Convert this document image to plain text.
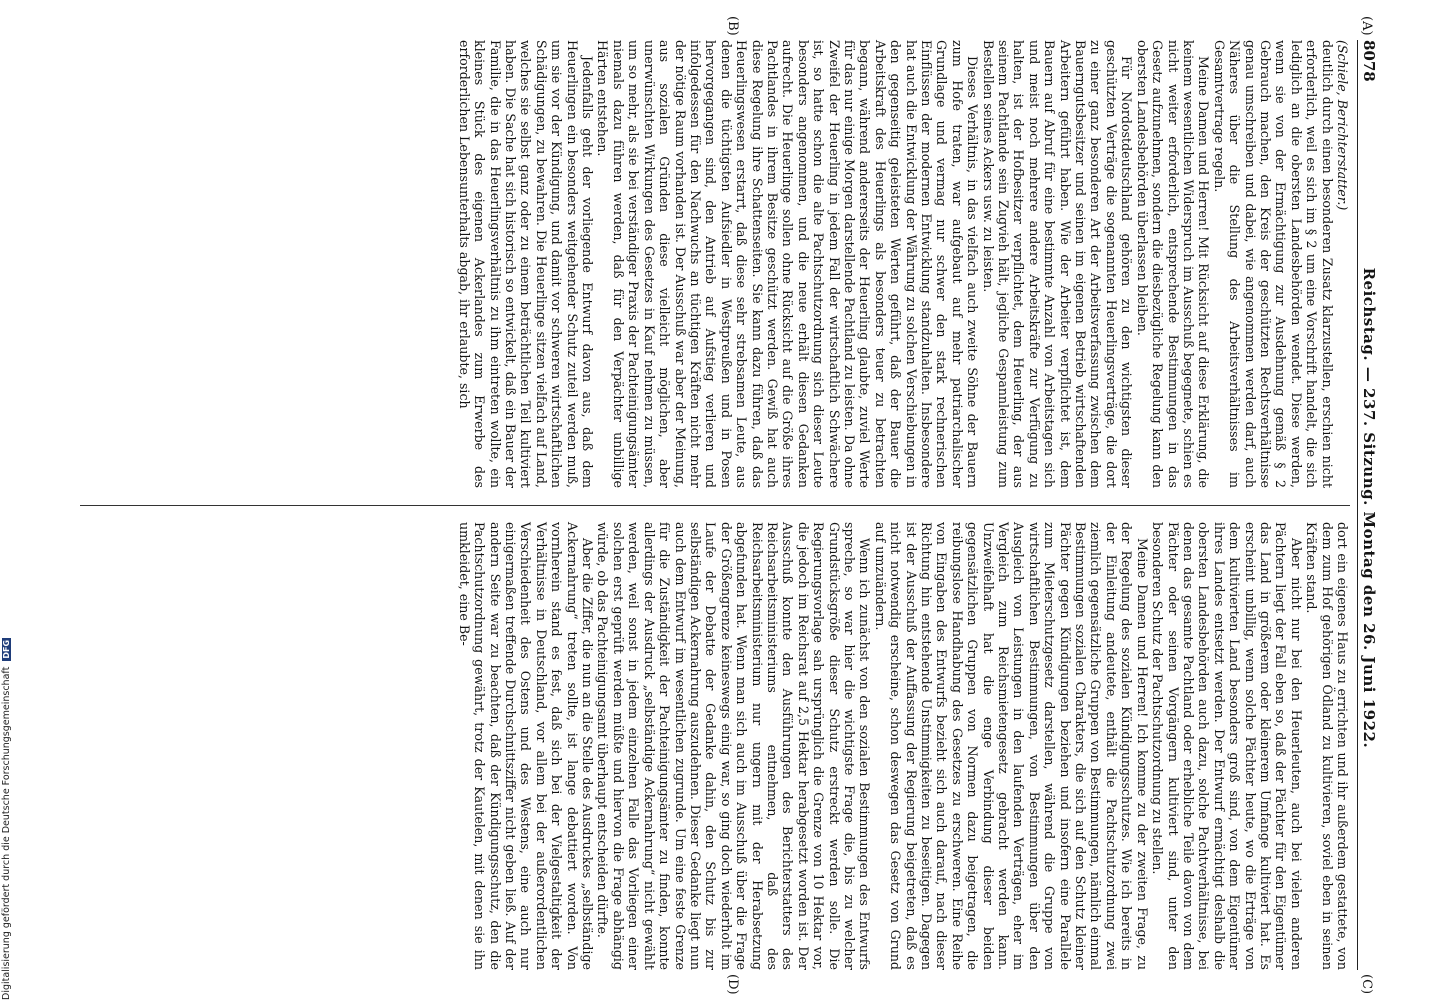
8078
Reichstag. — 237. Sitzung. Montag den 26. Juni 1922.
(A)
(B)
(C)
(D)

(Schiele, Berichterstatter.)

deutlich durch einen besonderen Zusatz klarzustellen, erschien nicht erforderlich, weil es sich im § 2 um eine Vorschrift handelt, die sich lediglich an die obersten Landesbehörden wendet. Diese werden, wenn sie von der Ermächtigung zur Ausdehnung gemäß § 2 Gebrauch machen, den Kreis der geschützten Rechtsverhältnisse genau umschreiben und dabei, wie angenommen werden darf, auch Näheres über die Stellung des Arbeitsverhältnisses im Gesamtvertrage regeln.

Meine Damen und Herren! Mit Rücksicht auf diese Erklärung, die keinem wesentlichen Widerspruch im Ausschuß begegnete, schien es nicht weiter erforderlich, entsprechende Bestimmungen in das Gesetz aufzunehmen, sondern die diesbezügliche Regelung kann den obersten Landesbehörden überlassen bleiben.

Für Nordostdeutschland gehören zu den wichtigsten dieser geschützten Verträge die sogenannten Heuerlingsverträge, die dort zu einer ganz besonderen Art der Arbeitsverfassung zwischen dem Bauerngutsbesitzer und seinen im eigenen Betrieb wirtschaftenden Arbeitern geführt haben. Wie der Arbeiter verpflichtet ist, dem Bauern auf Abruf für eine bestimmte Anzahl von Arbeitstagen sich und meist noch mehrere andere Arbeitskräfte zur Verfügung zu halten, ist der Hofbesitzer verpflichtet, dem Heuerling, der aus seinem Pachtlande sein Zugvieh hält, jegliche Gespannleistung zum Bestellen seines Ackers usw. zu leisten.

Dieses Verhältnis, in das vielfach auch zweite Söhne der Bauern zum Hofe traten, war aufgebaut auf mehr patriarchalischer Grundlage und vermag nur schwer den stark rechnerischen Einflüssen der modernen Entwicklung standzuhalten. Insbesondere hat auch die Entwicklung der Währung zu solchen Verschiebungen in den gegenseitig geleisteten Werten geführt, daß der Bauer die Arbeitskraft des Heuerlings als besonders teuer zu betrachten begann, während andererseits der Heuerling glaubte, zuviel Werte für das nur einige Morgen darstellende Pachtland zu leisten. Da ohne Zweifel der Heuerling in jedem Fall der wirtschaftlich Schwächere ist, so hatte schon die alte Pachtschutzordnung sich dieser Leute besonders angenommen, und die neue erhält diesen Gedanken aufrecht. Die Heuerlinge sollen ohne Rücksicht auf die Größe ihres Pachtlandes in ihrem Besitze geschützt werden. Gewiß hat auch diese Regelung ihre Schattenseiten. Sie kann dazu führen, daß das Heuerlingswesen erstarrt, daß diese sehr strebsamen Leute, aus denen die tüchtigsten Aufsiedler in Westpreußen und in Posen hervorgegangen sind, den Antrieb auf Aufstieg verlieren und infolgedessen für den Nachwuchs an tüchtigen Kräften nicht mehr der nötige Raum vorhanden ist. Der Ausschuß war aber der Meinung, aus sozialen Gründen diese vielleicht möglichen, aber unerwünschten Wirkungen des Gesetzes in Kauf nehmen zu müssen, um so mehr, als sie bei verständiger Praxis der Pachteinigungsämter niemals dazu führen werden, daß für den Verpächter unbillige Härten entstehen.

Jedenfalls geht der vorliegende Entwurf davon aus, daß dem Heuerlingen ein besonders weitgehender Schutz zuteil werden muß, um sie vor der Kündigung, und damit vor schweren wirtschaftlichen Schädigungen, zu bewahren. Die Heuerlinge sitzen vielfach auf Land, welches sie selbst ganz oder zu einem beträchtlichen Teil kultiviert haben. Die Sache hat sich historisch so entwickelt, daß ein Bauer der Familie, die in das Heuerlingsverhältnis zu ihm eintreten wollte, ein kleines Stück des eigenen Ackerlandes zum Erwerbe des erforderlichen Lebensunterhalts abgab, ihr erlaubte, sich

dort ein eigenes Haus zu errichten und ihr außerdem gestattete, von dem zum Hof gehörigen Ödland zu kultivieren, soviel eben in seinen Kräften stand.

Aber nicht nur bei den Heuerleuten, auch bei vielen anderen Pächtern liegt der Fall eben so, daß der Pächter für den Eigentümer das Land in größerem oder kleinerem Umfange kultiviert hat. Es erscheint unbillig, wenn solche Pächter heute, wo die Erträge von dem kultivierten Land besonders groß sind, von dem Eigentümer ihres Landes entsetzt werden. Der Entwurf ermächtigt deshalb die obersten Landesbehörden auch dazu, solche Pachtverhältnisse, bei denen das gesamte Pachtland oder erhebliche Teile davon von dem Pächter oder seinen Vorgängern kultiviert sind, unter den besonderen Schutz der Pachtschutzordnung zu stellen.

Meine Damen und Herren! Ich komme zu der zweiten Frage, zu der Regelung des sozialen Kündigungsschutzes. Wie ich bereits in der Einleitung andeutete, enthält die Pachtschutzordnung zwei ziemlich gegensätzliche Gruppen von Bestimmungen, nämlich einmal Bestimmungen sozialen Charakters, die sich auf den Schutz kleiner Pächter gegen Kündigungen beziehen und insofern eine Parallele zum Mieterschutzgesetz darstellen, während die Gruppe von wirtschaftlichen Bestimmungen, von Bestimmungen über den Ausgleich von Leistungen in den laufenden Verträgen, eher im Vergleich zum Reichsmietengesetz gebracht werden kann. Unzweifelhaft hat die enge Verbindung dieser beiden gegensätzlichen Gruppen von Normen dazu beigetragen, die reibungslose Handhabung des Gesetzes zu erschweren. Eine Reihe von Eingaben des Entwurfs bezieht sich auch darauf, nach dieser Richtung hin entstehende Unstimmigkeiten zu beseitigen. Dagegen ist der Ausschuß der Auffassung der Regierung beigetreten, daß es nicht notwendig erscheine, schon deswegen das Gesetz von Grund auf umzuändern.

Wenn ich zunächst von den sozialen Bestimmungen des Entwurfs spreche, so war hier die wichtigste Frage die, bis zu welcher Grundstücksgröße dieser Schutz erstreckt werden solle. Die Regierungsvorlage sah ursprünglich die Grenze von 10 Hektar vor, die jedoch im Reichsrat auf 2,5 Hektar herabgesetzt worden ist. Der Ausschuß konnte den Ausführungen des Berichterstatters des Reichsarbeitsministeriums entnehmen, daß des Reichsarbeitsministerium nur ungern mit der Herabsetzung abgefunden hat. Wenn man sich auch im Ausschuß über die Frage der Größengrenze keineswegs einig war, so ging doch wiederholt im Laufe der Debatte der Gedanke dahin, den Schutz bis zur selbständigen Ackernahrung auszudehnen. Dieser Gedanke liegt nun auch dem Entwurf im wesentlichen zugrunde. Um eine feste Grenze für die Zuständigkeit der Pachteinigungsämter zu finden, konnte allerdings der Ausdruck „selbständige Ackernahrung“ nicht gewählt werden, weil sonst in jedem einzelnen Falle das Vorliegen einer solchen erst geprüft werden müßte und hiervon die Frage abhängig würde, ob das Pachteinigungsamt überhaupt entscheiden dürfte.

Aber die Ziffer, die nun an die Stelle des Ausdruckes „selbständige Ackernahrung“ treten sollte, ist lange debattiert worden. Von vornherein stand es fest, daß sich bei der Vielgestaltigkeit der Verhältnisse in Deutschland, vor allem bei der außerordentlichen Verschiedenheit des Ostens und des Westens, eine auch nur einigermaßen treffende Durchschnittsziffer nicht geben ließ. Auf der andern Seite war zu beachten, daß der Kündigungsschutz, den die Pachtschutzordnung gewährt, trotz der Kautelen, mit denen sie ihn umkleidet, eine Be-

Digitalisierung gefördert durch die Deutsche Forschungsgemeinschaft DFG
